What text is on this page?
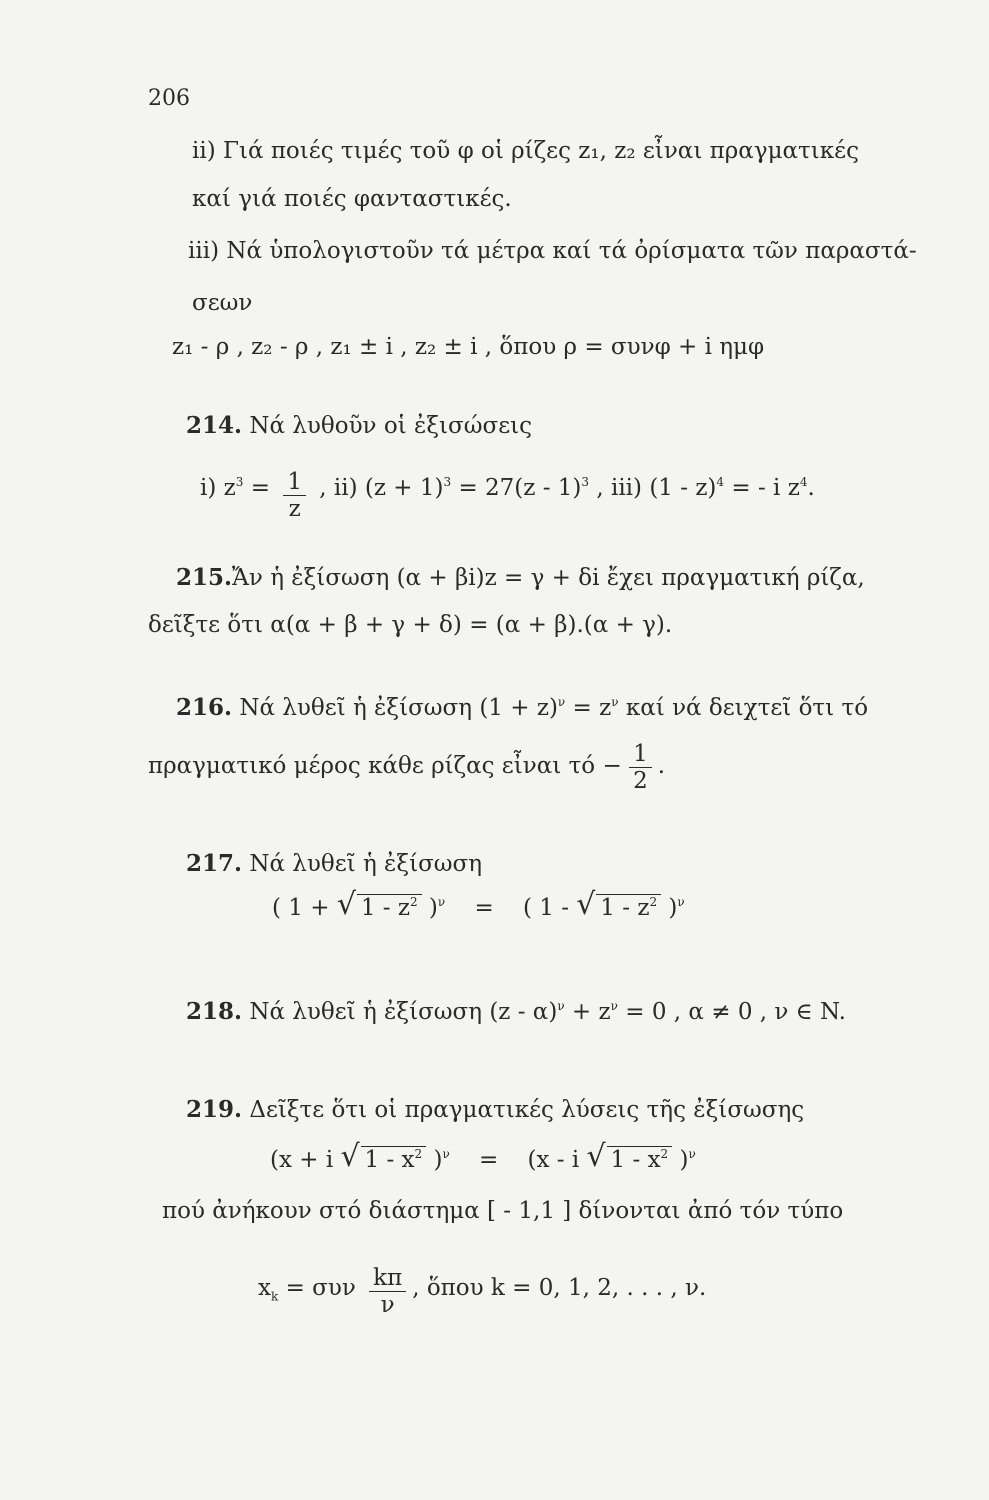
206
ii) Γιά ποιές τιμές τοῦ φ οἱ ρίζες z₁, z₂ εἶναι πραγματικές
καί γιά ποιές φανταστικές.
iii) Νά ὑπολογιστοῦν τά μέτρα καί τά ὀρίσματα τῶν παραστά-
σεων
z₁ - ρ , z₂ - ρ , z₁ ± i , z₂ ± i , ὅπου ρ = συνφ + i ημφ
214. Νά λυθοῦν οἱ ἐξισώσεις
i) $z^3 = \frac{1}{z}$ , ii) $(z + 1)^3 = 27(z - 1)^3$ , iii) (1 - z)$^4$ = - i $z^4$.
215.Ἄν ἡ ἐξίσωση (α + βi)z = γ + δi ἔχει πραγματική ρίζα,
δεῖξτε ὅτι α(α + β + γ + δ) = (α + β).(α + γ).
216. Νά λυθεῖ ἡ ἐξίσωση $(1 + z)^\nu = z^\nu$ καί νά δειχτεῖ ὅτι τό
πραγματικό μέρος κάθε ρίζας εἶναι $\tau ό - \frac{1}{2}$ .
217. Νά λυθεῖ ἡ ἐξίσωση
( 1 + √ $1 - z^2$ )$^\nu$ = ( 1 - √ $1 - z^2$ )$^\nu$
218. Νά λυθεῖ ἡ ἐξίσωση $(z - \alpha)^\nu + z^\nu = 0$ , α ≠ 0 , ν ∈ N.
219. Δεῖξτε ὅτι οἱ πραγματικές λύσεις τῆς ἐξίσωσης
(x + i √ $1 - x^2$ )$^\nu$ = (x - i √ $1 - x^2$ )$^\nu$
πού ἀνήκουν στό διάστημα [ - 1,1 ] δίνονται ἀπό τόν τύπο
$x_k = \sigma\upsilon\nu \frac{k\pi}{\nu}$ , ὅπου k = 0, 1, 2, . . . , ν.
